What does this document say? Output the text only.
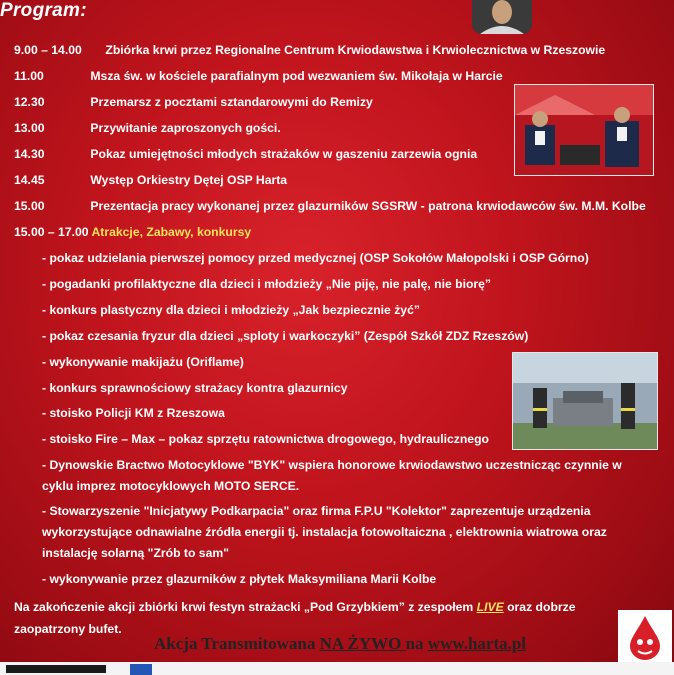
Program:
9.00 – 14.00 Zbiórka krwi przez Regionalne Centrum Krwiodawstwa i Krwiolecznictwa w Rzeszowie
11.00	Msza św. w kościele parafialnym pod wezwaniem św. Mikołaja w Harcie
12.30	Przemarsz z pocztami sztandarowymi do Remizy
13.00	Przywitanie zaproszonych gości.
14.30	Pokaz umiejętności młodych strażaków w gaszeniu zarzewia ognia
14.45	Występ Orkiestry Dętej OSP Harta
15.00	Prezentacja pracy wykonanej przez glazurników SGSRW - patrona krwiodawców św. M.M. Kolbe
15.00 – 17.00 Atrakcje, Zabawy, konkursy
- pokaz udzielania pierwszej pomocy przed medycznej (OSP Sokołów Małopolski i OSP Górno)
- pogadanki profilaktyczne dla dzieci i młodzieży „Nie piję, nie palę, nie biorę”
- konkurs plastyczny dla dzieci i młodzieży „Jak bezpiecznie żyć”
- pokaz czesania fryzur dla dzieci „sploty i warkoczyki” (Zespół Szkół ZDZ Rzeszów)
- wykonywanie makijażu (Oriflame)
- konkurs sprawnościowy strażacy kontra glazurnicy
- stoisko Policji KM z Rzeszowa
- stoisko Fire – Max – pokaz sprzętu ratownictwa drogowego, hydraulicznego
- Dynowskie Bractwo Motocyklowe "BYK" wspiera honorowe krwiodawstwo uczestnicząc czynnie w
cyklu imprez motocyklowych MOTO SERCE.
- Stowarzyszenie "Inicjatywy Podkarpacia" oraz firma F.P.U "Kolektor" zaprezentuje urządzenia
wykorzystujące odnawialne źródła energii tj. instalacja fotowoltaiczna , elektrownia wiatrowa oraz
instalację solarną "Zrób to sam"
- wykonywanie przez glazurników z płytek Maksymiliana Marii Kolbe
Na zakończenie akcji zbiórki krwi festyn strażacki „Pod Grzybkiem” z zespołem LIVE oraz dobrze
zaopatrzony bufet.
Akcja Transmitowana NA ŻYWO na www.harta.pl
